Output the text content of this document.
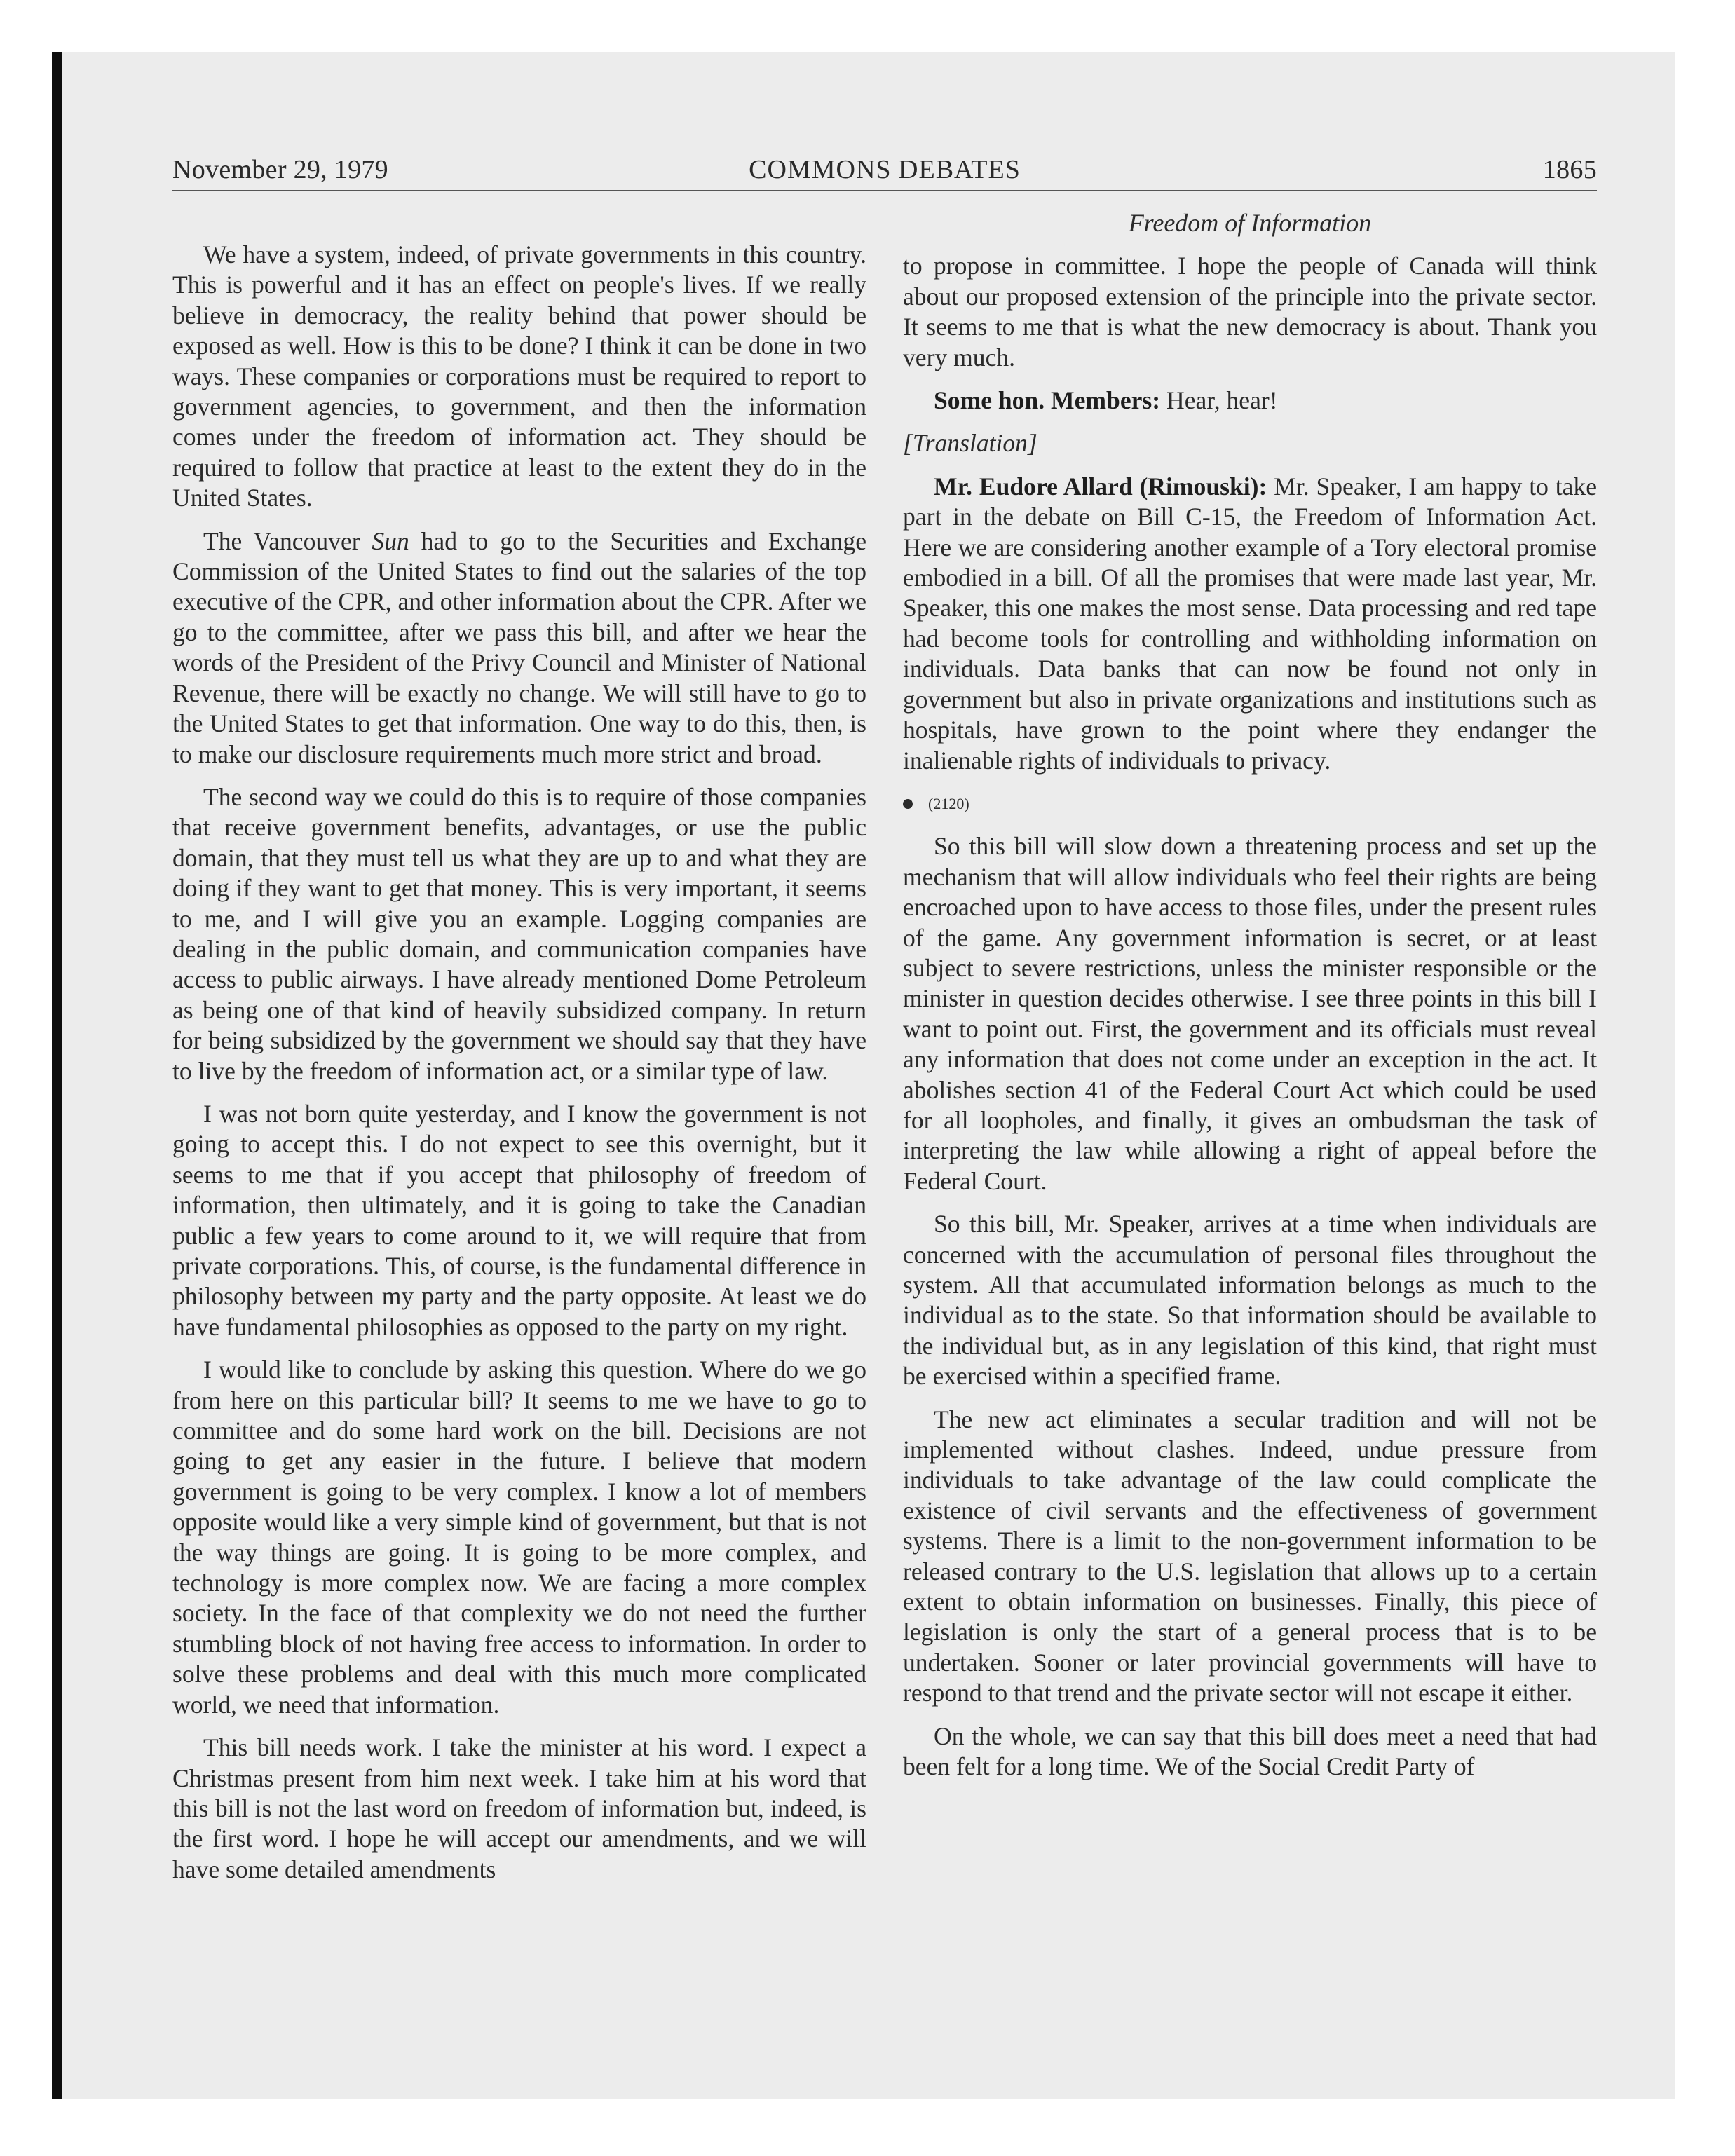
November 29, 1979	COMMONS DEBATES	1865

We have a system, indeed, of private governments in this country. This is powerful and it has an effect on people's lives. If we really believe in democracy, the reality behind that power should be exposed as well. How is this to be done? I think it can be done in two ways. These companies or corporations must be required to report to government agencies, to government, and then the information comes under the freedom of information act. They should be required to follow that practice at least to the extent they do in the United States.

The Vancouver Sun had to go to the Securities and Exchange Commission of the United States to find out the salaries of the top executive of the CPR, and other information about the CPR. After we go to the committee, after we pass this bill, and after we hear the words of the President of the Privy Council and Minister of National Revenue, there will be exactly no change. We will still have to go to the United States to get that information. One way to do this, then, is to make our disclosure requirements much more strict and broad.

The second way we could do this is to require of those companies that receive government benefits, advantages, or use the public domain, that they must tell us what they are up to and what they are doing if they want to get that money. This is very important, it seems to me, and I will give you an example. Logging companies are dealing in the public domain, and communication companies have access to public airways. I have already mentioned Dome Petroleum as being one of that kind of heavily subsidized company. In return for being subsidized by the government we should say that they have to live by the freedom of information act, or a similar type of law.

I was not born quite yesterday, and I know the government is not going to accept this. I do not expect to see this overnight, but it seems to me that if you accept that philosophy of freedom of information, then ultimately, and it is going to take the Canadian public a few years to come around to it, we will require that from private corporations. This, of course, is the fundamental difference in philosophy between my party and the party opposite. At least we do have fundamental philosophies as opposed to the party on my right.

I would like to conclude by asking this question. Where do we go from here on this particular bill? It seems to me we have to go to committee and do some hard work on the bill. Decisions are not going to get any easier in the future. I believe that modern government is going to be very complex. I know a lot of members opposite would like a very simple kind of government, but that is not the way things are going. It is going to be more complex, and technology is more complex now. We are facing a more complex society. In the face of that complexity we do not need the further stumbling block of not having free access to information. In order to solve these problems and deal with this much more complicated world, we need that information.

This bill needs work. I take the minister at his word. I expect a Christmas present from him next week. I take him at his word that this bill is not the last word on freedom of information but, indeed, is the first word. I hope he will accept our amendments, and we will have some detailed amendments

Freedom of Information

to propose in committee. I hope the people of Canada will think about our proposed extension of the principle into the private sector. It seems to me that is what the new democracy is about. Thank you very much.

Some hon. Members: Hear, hear!

[Translation]

Mr. Eudore Allard (Rimouski): Mr. Speaker, I am happy to take part in the debate on Bill C-15, the Freedom of Information Act. Here we are considering another example of a Tory electoral promise embodied in a bill. Of all the promises that were made last year, Mr. Speaker, this one makes the most sense. Data processing and red tape had become tools for controlling and withholding information on individuals. Data banks that can now be found not only in government but also in private organizations and institutions such as hospitals, have grown to the point where they endanger the inalienable rights of individuals to privacy.

(2120)

So this bill will slow down a threatening process and set up the mechanism that will allow individuals who feel their rights are being encroached upon to have access to those files, under the present rules of the game. Any government information is secret, or at least subject to severe restrictions, unless the minister responsible or the minister in question decides otherwise. I see three points in this bill I want to point out. First, the government and its officials must reveal any information that does not come under an exception in the act. It abolishes section 41 of the Federal Court Act which could be used for all loopholes, and finally, it gives an ombudsman the task of interpreting the law while allowing a right of appeal before the Federal Court.

So this bill, Mr. Speaker, arrives at a time when individuals are concerned with the accumulation of personal files throughout the system. All that accumulated information belongs as much to the individual as to the state. So that information should be available to the individual but, as in any legislation of this kind, that right must be exercised within a specified frame.

The new act eliminates a secular tradition and will not be implemented without clashes. Indeed, undue pressure from individuals to take advantage of the law could complicate the existence of civil servants and the effectiveness of government systems. There is a limit to the non-government information to be released contrary to the U.S. legislation that allows up to a certain extent to obtain information on businesses. Finally, this piece of legislation is only the start of a general process that is to be undertaken. Sooner or later provincial governments will have to respond to that trend and the private sector will not escape it either.

On the whole, we can say that this bill does meet a need that had been felt for a long time. We of the Social Credit Party of
